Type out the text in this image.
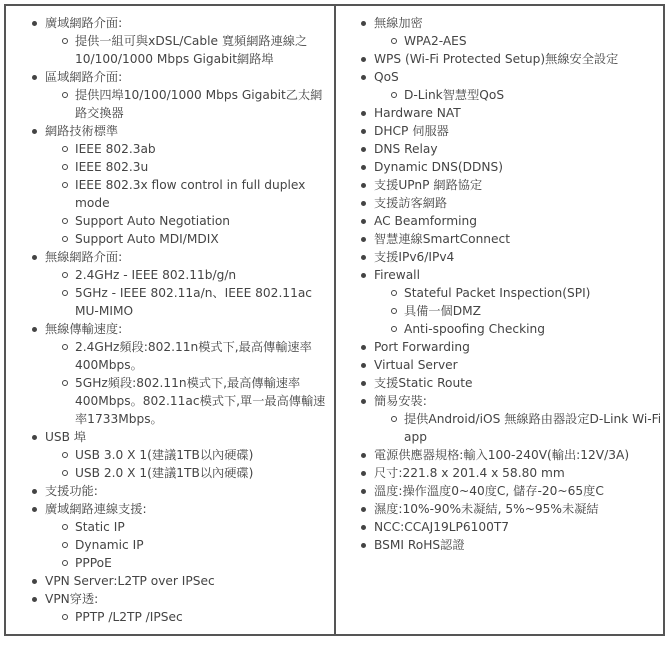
廣域網路介面:
提供一組可與xDSL/Cable 寬頻網路連線之10/100/1000 Mbps Gigabit網路埠
區域網路介面:
提供四埠10/100/1000 Mbps Gigabit乙太網路交換器
網路技術標準
IEEE 802.3ab
IEEE 802.3u
IEEE 802.3x flow control in full duplex mode
Support Auto Negotiation
Support Auto MDI/MDIX
無線網路介面:
2.4GHz - IEEE 802.11b/g/n
5GHz - IEEE 802.11a/n、IEEE 802.11ac MU-MIMO
無線傳輸速度:
2.4GHz頻段:802.11n模式下,最高傳輸速率400Mbps。
5GHz頻段:802.11n模式下,最高傳輸速率400Mbps。802.11ac模式下,單一最高傳輸速率1733Mbps。
USB 埠
USB 3.0 X 1(建議1TB以內硬碟)
USB 2.0 X 1(建議1TB以內硬碟)
支援功能:
廣域網路連線支援:
Static IP
Dynamic IP
PPPoE
VPN Server:L2TP over IPSec
VPN穿透:
PPTP /L2TP /IPSec
無線加密
WPA2-AES
WPS (Wi-Fi Protected Setup)無線安全設定
QoS
D-Link智慧型QoS
Hardware NAT
DHCP 伺服器
DNS Relay
Dynamic DNS(DDNS)
支援UPnP 網路協定
支援訪客網路
AC Beamforming
智慧連線SmartConnect
支援IPv6/IPv4
Firewall
Stateful Packet Inspection(SPI)
具備一個DMZ
Anti-spoofing Checking
Port Forwarding
Virtual Server
支援Static Route
簡易安裝:
提供Android/iOS 無線路由器設定D-Link Wi-Fi app
電源供應器規格:輸入100-240V(輸出:12V/3A)
尺寸:221.8 x 201.4 x 58.80 mm
溫度:操作溫度0~40度C, 儲存-20~65度C
濕度:10%-90%未凝結, 5%~95%未凝結
NCC:CCAJ19LP6100T7
BSMI RoHS認證
